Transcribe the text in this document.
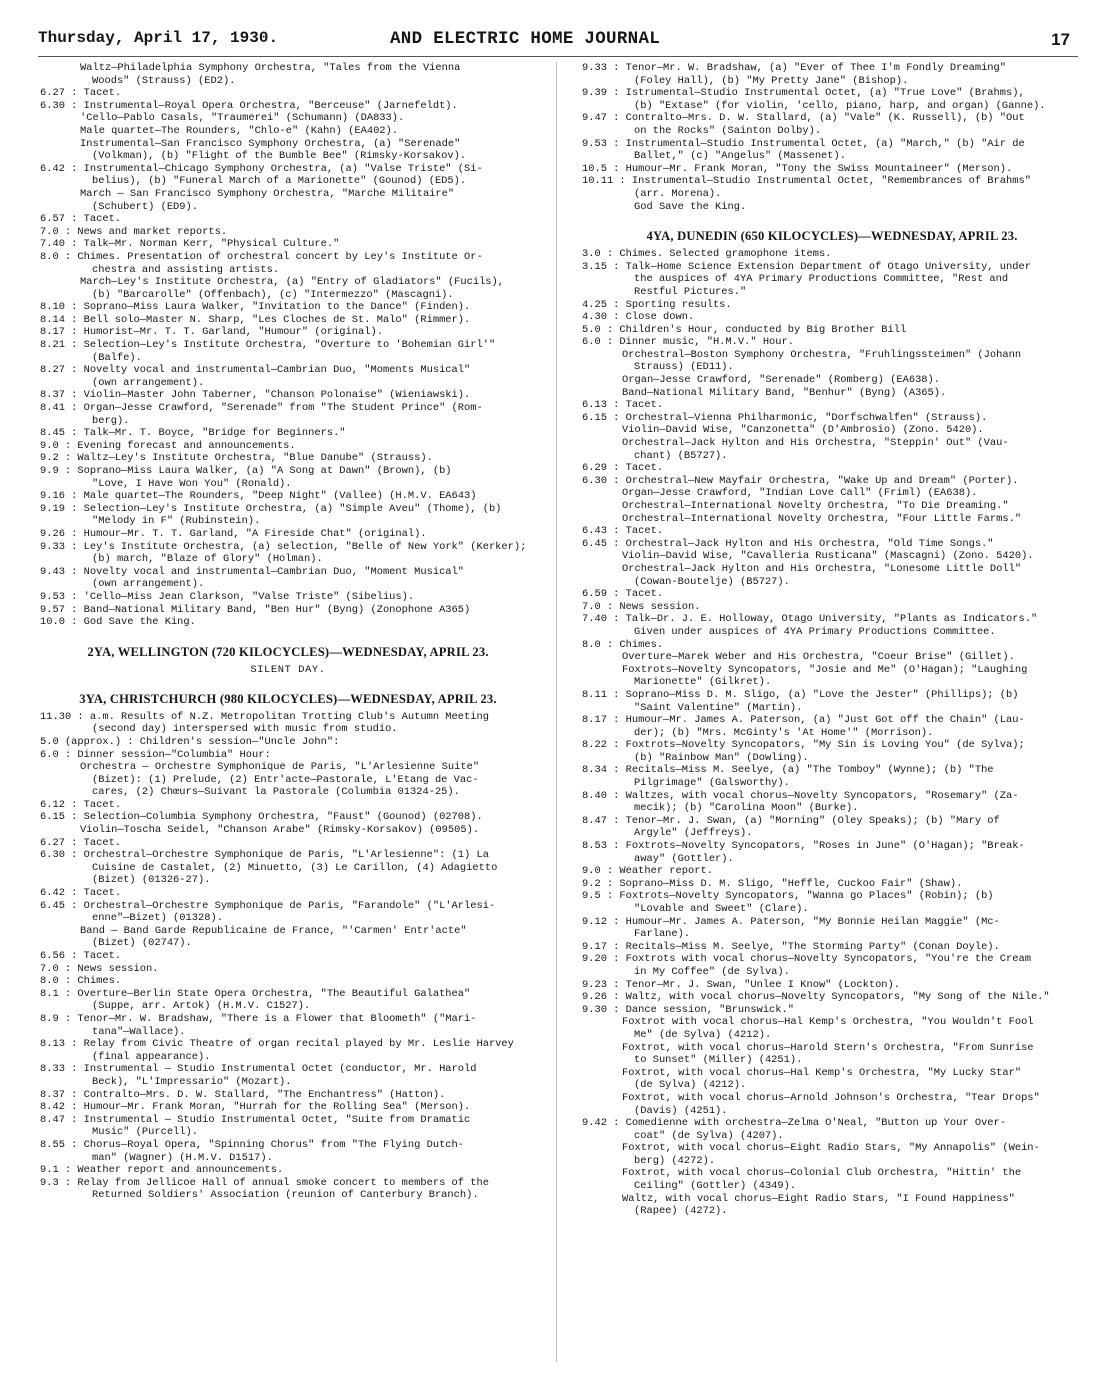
Thursday, April 17, 1930.	AND ELECTRIC HOME JOURNAL	17
Waltz—Philadelphia Symphony Orchestra, "Tales from the Vienna
Woods" (Strauss) (ED2).
6.27 : Tacet.
6.30 : Instrumental—Royal Opera Orchestra, "Berceuse" (Jarnefeldt).
'Cello—Pablo Casals, "Traumerei" (Schumann) (DA833).
Male quartet—The Rounders, "Chlo-e" (Kahn) (EA402).
Instrumental—San Francisco Symphony Orchestra, (a) "Serenade"
(Volkman), (b) "Flight of the Bumble Bee" (Rimsky-Korsakov).
6.42 : Instrumental—Chicago Symphony Orchestra, (a) "Valse Triste" (Si-
belius), (b) "Funeral March of a Marionette" (Gounod) (ED5).
March — San Francisco Symphony Orchestra, "Marche Militaire"
(Schubert) (ED9).
6.57 : Tacet.
7.0 : News and market reports.
7.40 : Talk—Mr. Norman Kerr, "Physical Culture."
8.0 : Chimes. Presentation of orchestral concert by Ley's Institute Or-
chestra and assisting artists.
March—Ley's Institute Orchestra, (a) "Entry of Gladiators" (Fucils),
(b) "Barcarolle" (Offenbach), (c) "Intermezzo" (Mascagni).
8.10 : Soprano—Miss Laura Walker, "Invitation to the Dance" (Finden).
8.14 : Bell solo—Master N. Sharp, "Les Cloches de St. Malo" (Rimmer).
8.17 : Humorist—Mr. T. T. Garland, "Humour" (original).
8.21 : Selection—Ley's Institute Orchestra, "Overture to 'Bohemian Girl'"
(Balfe).
8.27 : Novelty vocal and instrumental—Cambrian Duo, "Moments Musical"
(own arrangement).
8.37 : Violin—Master John Taberner, "Chanson Polonaise" (Wieniawski).
8.41 : Organ—Jesse Crawford, "Serenade" from "The Student Prince" (Rom-
berg).
8.45 : Talk—Mr. T. Boyce, "Bridge for Beginners."
9.0 : Evening forecast and announcements.
9.2 : Waltz—Ley's Institute Orchestra, "Blue Danube" (Strauss).
9.9 : Soprano—Miss Laura Walker, (a) "A Song at Dawn" (Brown), (b)
"Love, I Have Won You" (Ronald).
9.16 : Male quartet—The Rounders, "Deep Night" (Vallee) (H.M.V. EA643)
9.19 : Selection—Ley's Institute Orchestra, (a) "Simple Aveu" (Thome), (b)
"Melody in F" (Rubinstein).
9.26 : Humour—Mr. T. T. Garland, "A Fireside Chat" (original).
9.33 : Ley's Institute Orchestra, (a) selection, "Belle of New York" (Kerker);
(b) march, "Blaze of Glory" (Holman).
9.43 : Novelty vocal and instrumental—Cambrian Duo, "Moment Musical"
(own arrangement).
9.53 : 'Cello—Miss Jean Clarkson, "Valse Triste" (Sibelius).
9.57 : Band—National Military Band, "Ben Hur" (Byng) (Zonophone A365)
10.0 : God Save the King.
2YA, WELLINGTON (720 KILOCYCLES)—WEDNESDAY, APRIL 23.
SILENT DAY.
3YA, CHRISTCHURCH (980 KILOCYCLES)—WEDNESDAY, APRIL 23.
11.30 : a.m. Results of N.Z. Metropolitan Trotting Club's Autumn Meeting
(second day) interspersed with music from studio.
5.0 (approx.) : Children's session—"Uncle John":
6.0 : Dinner session—"Columbia" Hour:
Orchestra — Orchestre Symphonique de Paris, "L'Arlesienne Suite"
(Bizet): (1) Prelude, (2) Entr'acte—Pastorale, L'Etang de Vac-
cares, (2) Chœurs—Suivant la Pastorale (Columbia 01324-25).
6.12 : Tacet.
6.15 : Selection—Columbia Symphony Orchestra, "Faust" (Gounod) (02708).
Violin—Toscha Seidel, "Chanson Arabe" (Rimsky-Korsakov) (09505).
6.27 : Tacet.
6.30 : Orchestral—Orchestre Symphonique de Paris, "L'Arlesienne": (1) La
Cuisine de Castalet, (2) Minuetto, (3) Le Carillon, (4) Adagietto
(Bizet) (01326-27).
6.42 : Tacet.
6.45 : Orchestral—Orchestre Symphonique de Paris, "Farandole" ("L'Arlesi-
enne"—Bizet) (01328).
Band — Band Garde Republicaine de France, "'Carmen' Entr'acte"
(Bizet) (02747).
6.56 : Tacet.
7.0 : News session.
8.0 : Chimes.
8.1 : Overture—Berlin State Opera Orchestra, "The Beautiful Galathea"
(Suppe, arr. Artok) (H.M.V. C1527).
8.9 : Tenor—Mr. W. Bradshaw, "There is a Flower that Bloometh" ("Mari-
tana"—Wallace).
8.13 : Relay from Civic Theatre of organ recital played by Mr. Leslie Harvey
(final appearance).
8.33 : Instrumental — Studio Instrumental Octet (conductor, Mr. Harold
Beck), "L'Impressario" (Mozart).
8.37 : Contralto—Mrs. D. W. Stallard, "The Enchantress" (Hatton).
8.42 : Humour—Mr. Frank Moran, "Hurrah for the Rolling Sea" (Merson).
8.47 : Instrumental — Studio Instrumental Octet, "Suite from Dramatic
Music" (Purcell).
8.55 : Chorus—Royal Opera, "Spinning Chorus" from "The Flying Dutch-
man" (Wagner) (H.M.V. D1517).
9.1 : Weather report and announcements.
9.3 : Relay from Jellicoe Hall of annual smoke concert to members of the
Returned Soldiers' Association (reunion of Canterbury Branch).
9.33 : Tenor—Mr. W. Bradshaw, (a) "Ever of Thee I'm Fondly Dreaming"
(Foley Hall), (b) "My Pretty Jane" (Bishop).
9.39 : Istrumental—Studio Instrumental Octet, (a) "True Love" (Brahms),
(b) "Extase" (for violin, 'cello, piano, harp, and organ) (Ganne).
9.47 : Contralto—Mrs. D. W. Stallard, (a) "Vale" (K. Russell), (b) "Out
on the Rocks" (Sainton Dolby).
9.53 : Instrumental—Studio Instrumental Octet, (a) "March," (b) "Air de
Ballet," (c) "Angelus" (Massenet).
10.5 : Humour—Mr. Frank Moran, "Tony the Swiss Mountaineer" (Merson).
10.11 : Instrumental—Studio Instrumental Octet, "Remembrances of Brahms"
(arr. Morena).
God Save the King.
4YA, DUNEDIN (650 KILOCYCLES)—WEDNESDAY, APRIL 23.
3.0 : Chimes. Selected gramophone items.
3.15 : Talk—Home Science Extension Department of Otago University, under
the auspices of 4YA Primary Productions Committee, "Rest and
Restful Pictures."
4.25 : Sporting results.
4.30 : Close down.
5.0 : Children's Hour, conducted by Big Brother Bill
6.0 : Dinner music, "H.M.V." Hour.
Orchestral—Boston Symphony Orchestra, "Fruhlingssteimen" (Johann
Strauss) (ED11).
Organ—Jesse Crawford, "Serenade" (Romberg) (EA638).
Band—National Military Band, "Benhur" (Byng) (A365).
6.13 : Tacet.
6.15 : Orchestral—Vienna Philharmonic, "Dorfschwalfen" (Strauss).
Violin—David Wise, "Canzonetta" (D'Ambrosio) (Zono. 5420).
Orchestral—Jack Hylton and His Orchestra, "Steppin' Out" (Vau-
chant) (B5727).
6.29 : Tacet.
6.30 : Orchestral—New Mayfair Orchestra, "Wake Up and Dream" (Porter).
Organ—Jesse Crawford, "Indian Love Call" (Friml) (EA638).
Orchestral—International Novelty Orchestra, "To Die Dreaming."
Orchestral—International Novelty Orchestra, "Four Little Farms."
6.43 : Tacet.
6.45 : Orchestral—Jack Hylton and His Orchestra, "Old Time Songs."
Violin—David Wise, "Cavalleria Rusticana" (Mascagni) (Zono. 5420).
Orchestral—Jack Hylton and His Orchestra, "Lonesome Little Doll"
(Cowan-Boutelje) (B5727).
6.59 : Tacet.
7.0 : News session.
7.40 : Talk—Dr. J. E. Holloway, Otago University, "Plants as Indicators."
Given under auspices of 4YA Primary Productions Committee.
8.0 : Chimes.
Overture—Marek Weber and His Orchestra, "Coeur Brise" (Gillet).
Foxtrots—Novelty Syncopators, "Josie and Me" (O'Hagan); "Laughing
Marionette" (Gilkret).
8.11 : Soprano—Miss D. M. Sligo, (a) "Love the Jester" (Phillips); (b)
"Saint Valentine" (Martin).
8.17 : Humour—Mr. James A. Paterson, (a) "Just Got off the Chain" (Lau-
der); (b) "Mrs. McGinty's 'At Home'" (Morrison).
8.22 : Foxtrots—Novelty Syncopators, "My Sin is Loving You" (de Sylva);
(b) "Rainbow Man" (Dowling).
8.34 : Recitals—Miss M. Seelye, (a) "The Tomboy" (Wynne); (b) "The
Pilgrimage" (Galsworthy).
8.40 : Waltzes, with vocal chorus—Novelty Syncopators, "Rosemary" (Za-
mecik); (b) "Carolina Moon" (Burke).
8.47 : Tenor—Mr. J. Swan, (a) "Morning" (Oley Speaks); (b) "Mary of
Argyle" (Jeffreys).
8.53 : Foxtrots—Novelty Syncopators, "Roses in June" (O'Hagan); "Break-
away" (Gottler).
9.0 : Weather report.
9.2 : Soprano—Miss D. M. Sligo, "Heffle, Cuckoo Fair" (Shaw).
9.5 : Foxtrots—Novelty Syncopators, "Wanna go Places" (Robin); (b)
"Lovable and Sweet" (Clare).
9.12 : Humour—Mr. James A. Paterson, "My Bonnie Heilan Maggie" (Mc-
Farlane).
9.17 : Recitals—Miss M. Seelye, "The Storming Party" (Conan Doyle).
9.20 : Foxtrots with vocal chorus—Novelty Syncopators, "You're the Cream
in My Coffee" (de Sylva).
9.23 : Tenor—Mr. J. Swan, "Unlee I Know" (Lockton).
9.26 : Waltz, with vocal chorus—Novelty Syncopators, "My Song of the Nile."
9.30 : Dance session, "Brunswick."
Foxtrot with vocal chorus—Hal Kemp's Orchestra, "You Wouldn't Fool
Me" (de Sylva) (4212).
Foxtrot, with vocal chorus—Harold Stern's Orchestra, "From Sunrise
to Sunset" (Miller) (4251).
Foxtrot, with vocal chorus—Hal Kemp's Orchestra, "My Lucky Star"
(de Sylva) (4212).
Foxtrot, with vocal chorus—Arnold Johnson's Orchestra, "Tear Drops"
(Davis) (4251).
9.42 : Comedienne with orchestra—Zelma O'Neal, "Button up Your Over-
coat" (de Sylva) (4207).
Foxtrot, with vocal chorus—Eight Radio Stars, "My Annapolis" (Wein-
berg) (4272).
Foxtrot, with vocal chorus—Colonial Club Orchestra, "Hittin' the
Ceiling" (Gottler) (4349).
Waltz, with vocal chorus—Eight Radio Stars, "I Found Happiness"
(Rapee) (4272).
